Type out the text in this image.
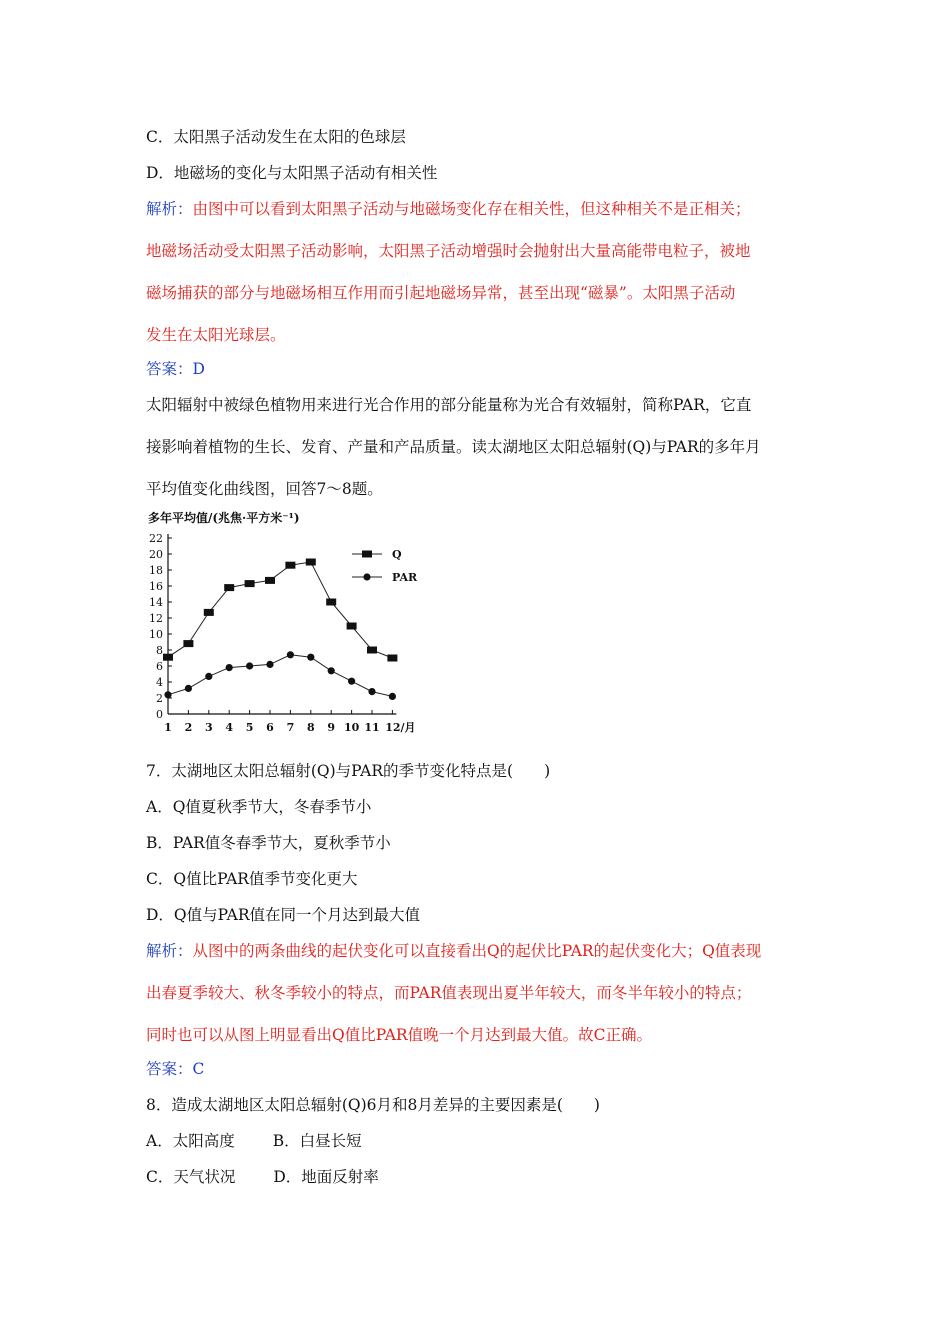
C．太阳黑子活动发生在太阳的色球层
D．地磁场的变化与太阳黑子活动有相关性
解析：由图中可以看到太阳黑子活动与地磁场变化存在相关性，但这种相关不是正相关；
地磁场活动受太阳黑子活动影响，太阳黑子活动增强时会抛射出大量高能带电粒子，被地
磁场捕获的部分与地磁场相互作用而引起地磁场异常，甚至出现“磁暴”。太阳黑子活动
发生在太阳光球层。
答案：D
太阳辐射中被绿色植物用来进行光合作用的部分能量称为光合有效辐射，简称PAR，它直
接影响着植物的生长、发育、产量和产品质量。读太湖地区太阳总辐射(Q)与PAR的多年月
平均值变化曲线图，回答7～8题。
多年平均值/(兆焦·平方米⁻¹)
0
2
4
6
8
10
12
14
16
18
20
22
1 2 3 4 5 6 7 8 9 10 11 12/月
Q
PAR
7．太湖地区太阳总辐射(Q)与PAR的季节变化特点是(　　)
A．Q值夏秋季节大，冬春季节小
B．PAR值冬春季节大，夏秋季节小
C．Q值比PAR值季节变化更大
D．Q值与PAR值在同一个月达到最大值
解析：从图中的两条曲线的起伏变化可以直接看出Q的起伏比PAR的起伏变化大；Q值表现
出春夏季较大、秋冬季较小的特点，而PAR值表现出夏半年较大，而冬半年较小的特点；
同时也可以从图上明显看出Q值比PAR值晚一个月达到最大值。故C正确。
答案：C
8．造成太湖地区太阳总辐射(Q)6月和8月差异的主要因素是(　　)
A．太阳高度 B．白昼长短
C．天气状况 D．地面反射率
